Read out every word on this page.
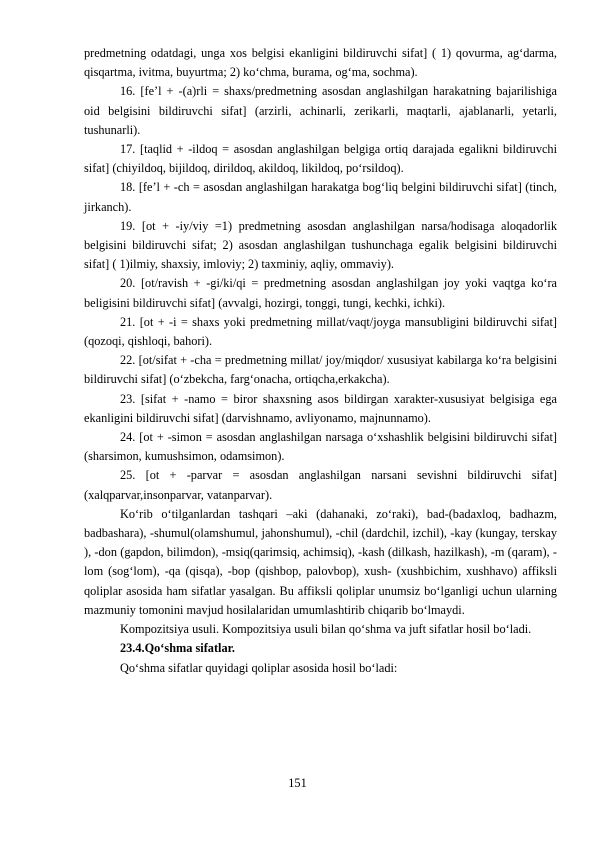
predmetning odatdagi, unga xos belgisi ekanligini bildiruvchi sifat] ( 1) qovurma, ag‘darma, qisqartma, ivitma, buyurtma; 2) ko‘chma, burama, og‘ma, sochma).

16. [fe’l + -(a)rli = shaxs/predmetning asosdan anglashilgan harakatning bajarilishiga oid belgisini bildiruvchi sifat] (arzirli, achinarli, zerikarli, maqtarli, ajablanarli, yetarli, tushunarli).

17. [taqlid + -ildoq = asosdan anglashilgan belgiga ortiq darajada egalikni bildiruvchi sifat] (chiyildoq, bijildoq, dirildoq, akildoq, likildoq, po‘rsildoq).

18. [fe’l + -ch = asosdan anglashilgan harakatga bog‘liq belgini bildiruvchi sifat] (tinch, jirkanch).

19. [ot + -iy/viy =1) predmetning asosdan anglashilgan narsa/hodisaga aloqadorlik belgisini bildiruvchi sifat; 2) asosdan anglashilgan tushunchaga egalik belgisini bildiruvchi sifat] ( 1)ilmiy, shaxsiy, imloviy; 2) taxminiy, aqliy, ommaviy).

20. [ot/ravish + -gi/ki/qi = predmetning asosdan anglashilgan joy yoki vaqtga ko‘ra beligisini bildiruvchi sifat] (avvalgi, hozirgi, tonggi, tungi, kechki, ichki).

21. [ot + -i = shaxs yoki predmetning millat/vaqt/joyga mansubligini bildiruvchi sifat] (qozoqi, qishloqi, bahori).

22. [ot/sifat + -cha = predmetning millat/ joy/miqdor/ xususiyat kabilarga ko‘ra belgisini bildiruvchi sifat] (o‘zbekcha, farg‘onacha, ortiqcha,erkakcha).

23. [sifat + -namo = biror shaxsning asos bildirgan xarakter-xususiyat belgisiga ega ekanligini bildiruvchi sifat] (darvishnamo, avliyonamo, majnunnamo).

24. [ot + -simon = asosdan anglashilgan narsaga o‘xshashlik belgisini bildiruvchi sifat] (sharsimon, kumushsimon, odamsimon).

25. [ot + -parvar = asosdan anglashilgan narsani sevishni bildiruvchi sifat] (xalqparvar,insonparvar, vatanparvar).

Ko‘rib o‘tilganlardan tashqari –aki (dahanaki, zo‘raki), bad-(badaxloq, badhazm, badbashara), -shumul(olamshumul, jahonshumul), -chil (dardchil, izchil), -kay (kungay, terskay ), -don (gapdon, bilimdon), -msiq(qarimsiq, achimsiq), -kash (dilkash, hazilkash), -m (qaram), -lom (sog‘lom), -qa (qisqa), -bop (qishbop, palovbop), xush- (xushbichim, xushhavo) affiksli qoliplar asosida ham sifatlar yasalgan. Bu affiksli qoliplar unumsiz bo‘lganligi uchun ularning mazmuniy tomonini mavjud hosilalaridan umumlashtirib chiqarib bo‘lmaydi.

Kompozitsiya usuli. Kompozitsiya usuli bilan qo‘shma va juft sifatlar hosil bo‘ladi.

23.4.Qo‘shma sifatlar.

Qo‘shma sifatlar quyidagi qoliplar asosida hosil bo‘ladi:

151
